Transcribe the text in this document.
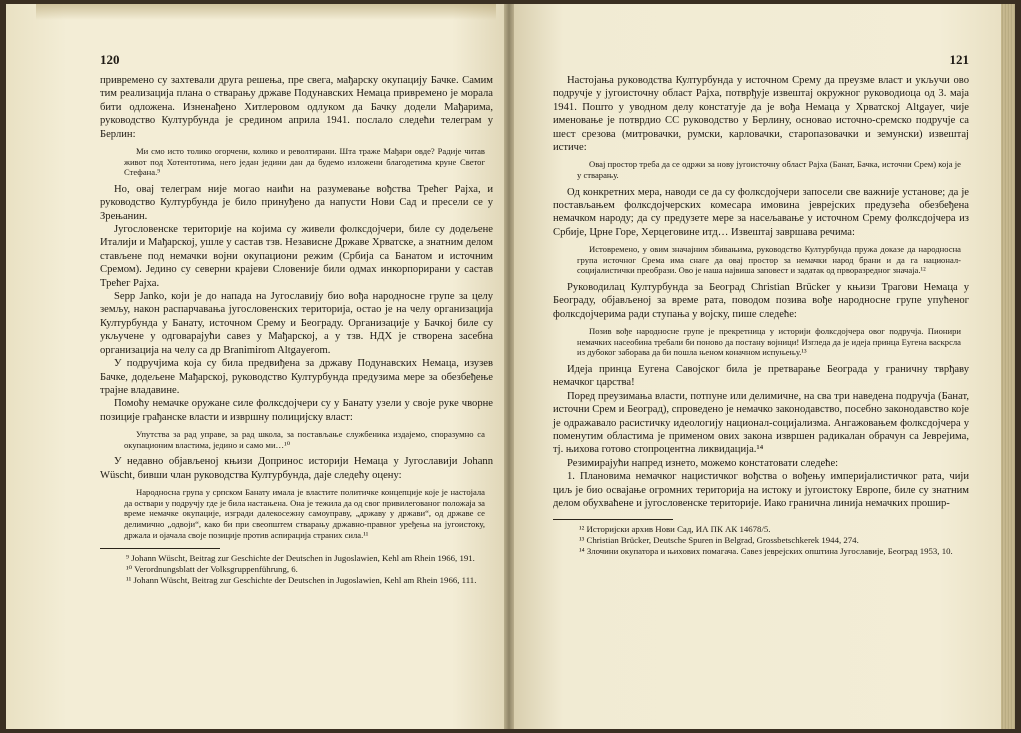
120

привремено су захтевали друга решења, пре свега, мађарску окупацију Бачке. Самим тим реализација плана о стварању државе Подунавских Немаца привремено је морала бити одложена. Изненађено Хитлеровом одлуком да Бачку додели Мађарима, руководство Културбунда је средином априла 1941. послало следећи телеграм у Берлин:

Ми смо исто толико огорчени, колико и револтирани. Шта траже Мађари овде? Радије читав живот под Хотентотима, него један једини дан да будемо изложени благодетима круне Светог Стефана.⁹

Но, овај телеграм није могао наићи на разумевање вођства Трећег Рајха, и руководство Културбунда је било принуђено да напусти Нови Сад и пресели се у Зрењанин.

Југословенске територије на којима су живели фолксдојчери, биле су додељене Италији и Мађарској, ушле у састав тзв. Независне Државе Хрватске, а знатним делом стављене под немачки војни окупациони режим (Србија са Банатом и источним Сремом). Једино су северни крајеви Словеније били одмах инкорпорирани у састав Трећег Рајха.

Sepp Janko, који је до напада на Југославију био вођа народносне групе за целу земљу, након распарчавања југословенских територија, остао је на челу организација Културбунда у Банату, источном Срему и Београду. Организације у Бачкој биле су укључене у одговарајући савез у Мађарској, а у тзв. НДХ је створена засебна организација на челу са др Branimirom Altgayerom.

У подручјима која су била предвиђена за државу Подунавских Немаца, изузев Бачке, додељене Мађарској, руководство Културбунда предузима мере за обезбеђење трајне владавине.

Помоћу немачке оружане силе фолксдојчери су у Банату узели у своје руке чворне позиције грађанске власти и извршну полицијску власт:

Упутства за рад управе, за рад школа, за постављање службеника издајемо, споразумно са окупационим властима, једино и само ми…¹⁰

У недавно објављеној књизи Допринос историји Немаца у Југославији Johann Wüscht, бивши члан руководства Културбунда, даје следећу оцену:

Народносна група у српском Банату имала је властите политичке концепције које је настојала да оствари у подручју где је била настањена. Она је тежила да од свог привилегованог положаја за време немачке окупације, изгради далекосежну самоуправу, „државу у држави“, од државе се делимично „одвоји“, како би при свеопштем стварању државно-правног уређења на југоистоку, држала и ојачала своје позиције против аспирација страних сила.¹¹

⁹ Johann Wüscht, Beitrag zur Geschichte der Deutschen in Jugoslawien, Kehl am Rhein 1966, 191.

¹⁰ Verordnungsblatt der Volksgruppenführung, 6.

¹¹ Johann Wüscht, Beitrag zur Geschichte der Deutschen in Jugoslawien, Kehl am Rhein 1966, 111.

121

Настојања руководства Културбунда у источном Срему да преузме власт и укључи ово подручје у југоисточну област Рајха, потврђује извештај окружног руководиоца од 3. маја 1941. Пошто у уводном делу констатује да је вођа Немаца у Хрватској Altgayer, чије именовање је потврдио СС руководство у Берлину, основао источно-сремско подручје са шест срезова (митровачки, румски, карловачки, старопазовачки и земунски) извештај истиче:

Овај простор треба да се одржи за нову југоисточну област Рајха (Банат, Бачка, источни Срем) која је у стварању.

Од конкретних мера, наводи се да су фолксдојчери запосели све важније установе; да је постављањем фолксдојчерских комесара имовина јеврејских предузећа обезбеђена немачком народу; да су предузете мере за насељавање у источном Срему фолксдојчера из Србије, Црне Горе, Херцеговине итд… Извештај завршава речима:

Истовремено, у овим значајним збивањима, руководство Културбунда пружа доказе да народносна група источног Срема има снаге да овај простор за немачки народ брани и да га национал-социјалистички преобрази. Ово је наша највиша заповест и задатак од првоpазредног значаја.¹²

Руководилац Културбунда за Београд Christian Brücker у књизи Трагови Немаца у Београду, објављеној за време рата, поводом позива вође народносне групе упућеног фолксдојчерима ради ступања у војску, пише следеће:

Позив вође народносне групе је прекретница у историји фолксдојчера овог подручја. Пионири немачких насеобина требали би поново да постану војници! Изгледа да је идеја принца Еугена васкрсла из дубоког заборава да би пошла њеном коначном испуњењу.¹³

Идеја принца Еугена Савојског била је претварање Београда у граничну тврђаву немачког царства!

Поред преузимања власти, потпуне или делимичне, на сва три наведена подручја (Банат, источни Срем и Београд), спроведено је немачко законодавство, посебно законодавство које је одражавало расистичку идеологију национал-социјализма. Ангажовањем фолксдојчера у поменутим областима је применом ових закона извршен радикалан обрачун са Јеврејима, тј. њихова готово стопроцентна ликвидација.¹⁴

Резимирајући напред изнето, можемо констатовати следеће:

1. Плановима немачког нацистичког вођства о вођењу империјалистичког рата, чији циљ је био освајање огромних територија на истоку и југоистоку Европе, биле су знатним делом обухваћене и југословенске територије. Иако гранична линија немачких прошир-

¹² Историјски архив Нови Сад, ИА ПК АК 14678/5.

¹³ Christian Brücker, Deutsche Spuren in Belgrad, Grossbetschkerek 1944, 274.

¹⁴ Злочини окупатора и њихових помагача. Савез јеврејских општина Југославије, Београд 1953, 10.
